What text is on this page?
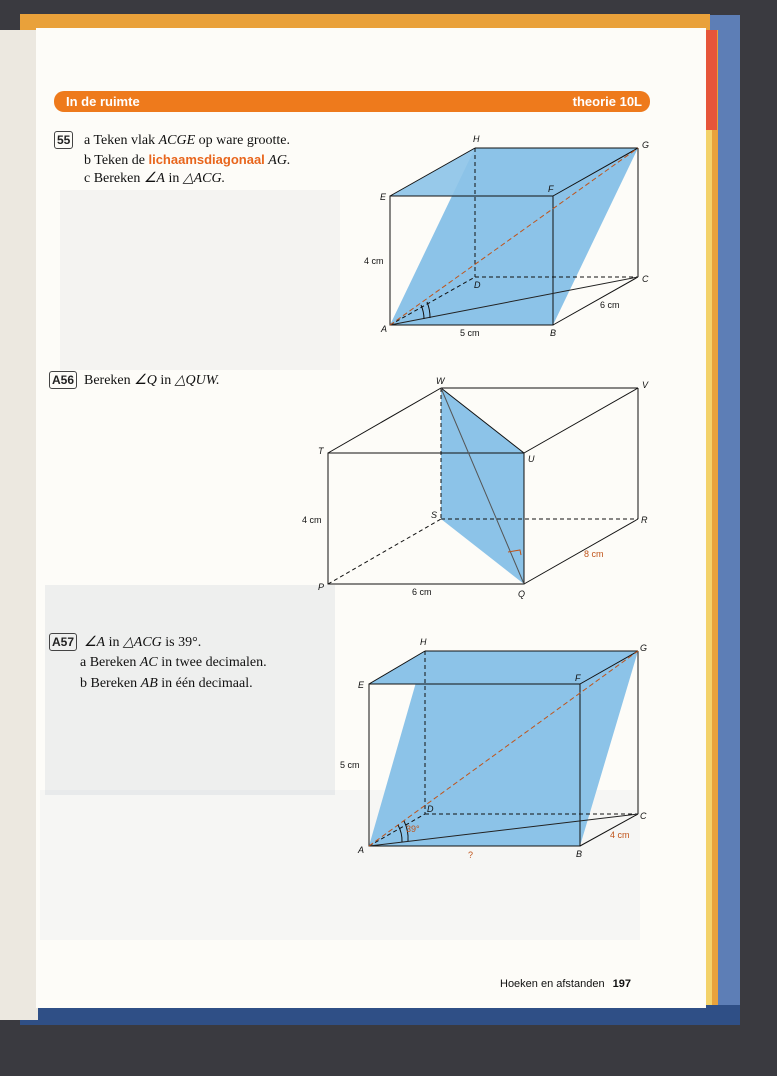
In de ruimte	theorie 10L
55 a Teken vlak ACGE op ware grootte.
b Teken de lichaamsdiagonaal AG.
c Bereken ∠A in △ACG.
A56 Bereken ∠Q in △QUW.
A57 ∠A in △ACG is 39°.
a Bereken AC in twee decimalen.
b Bereken AB in één decimaal.
E
F
G
H
A	B
C
D
4 cm
5 cm
6 cm
W	V
T
U
S	R
P
Q
4 cm
6 cm
8 cm
E
F
G
H
A	B
C
D
5 cm
?
4 cm
39°
Hoeken en afstanden 197
